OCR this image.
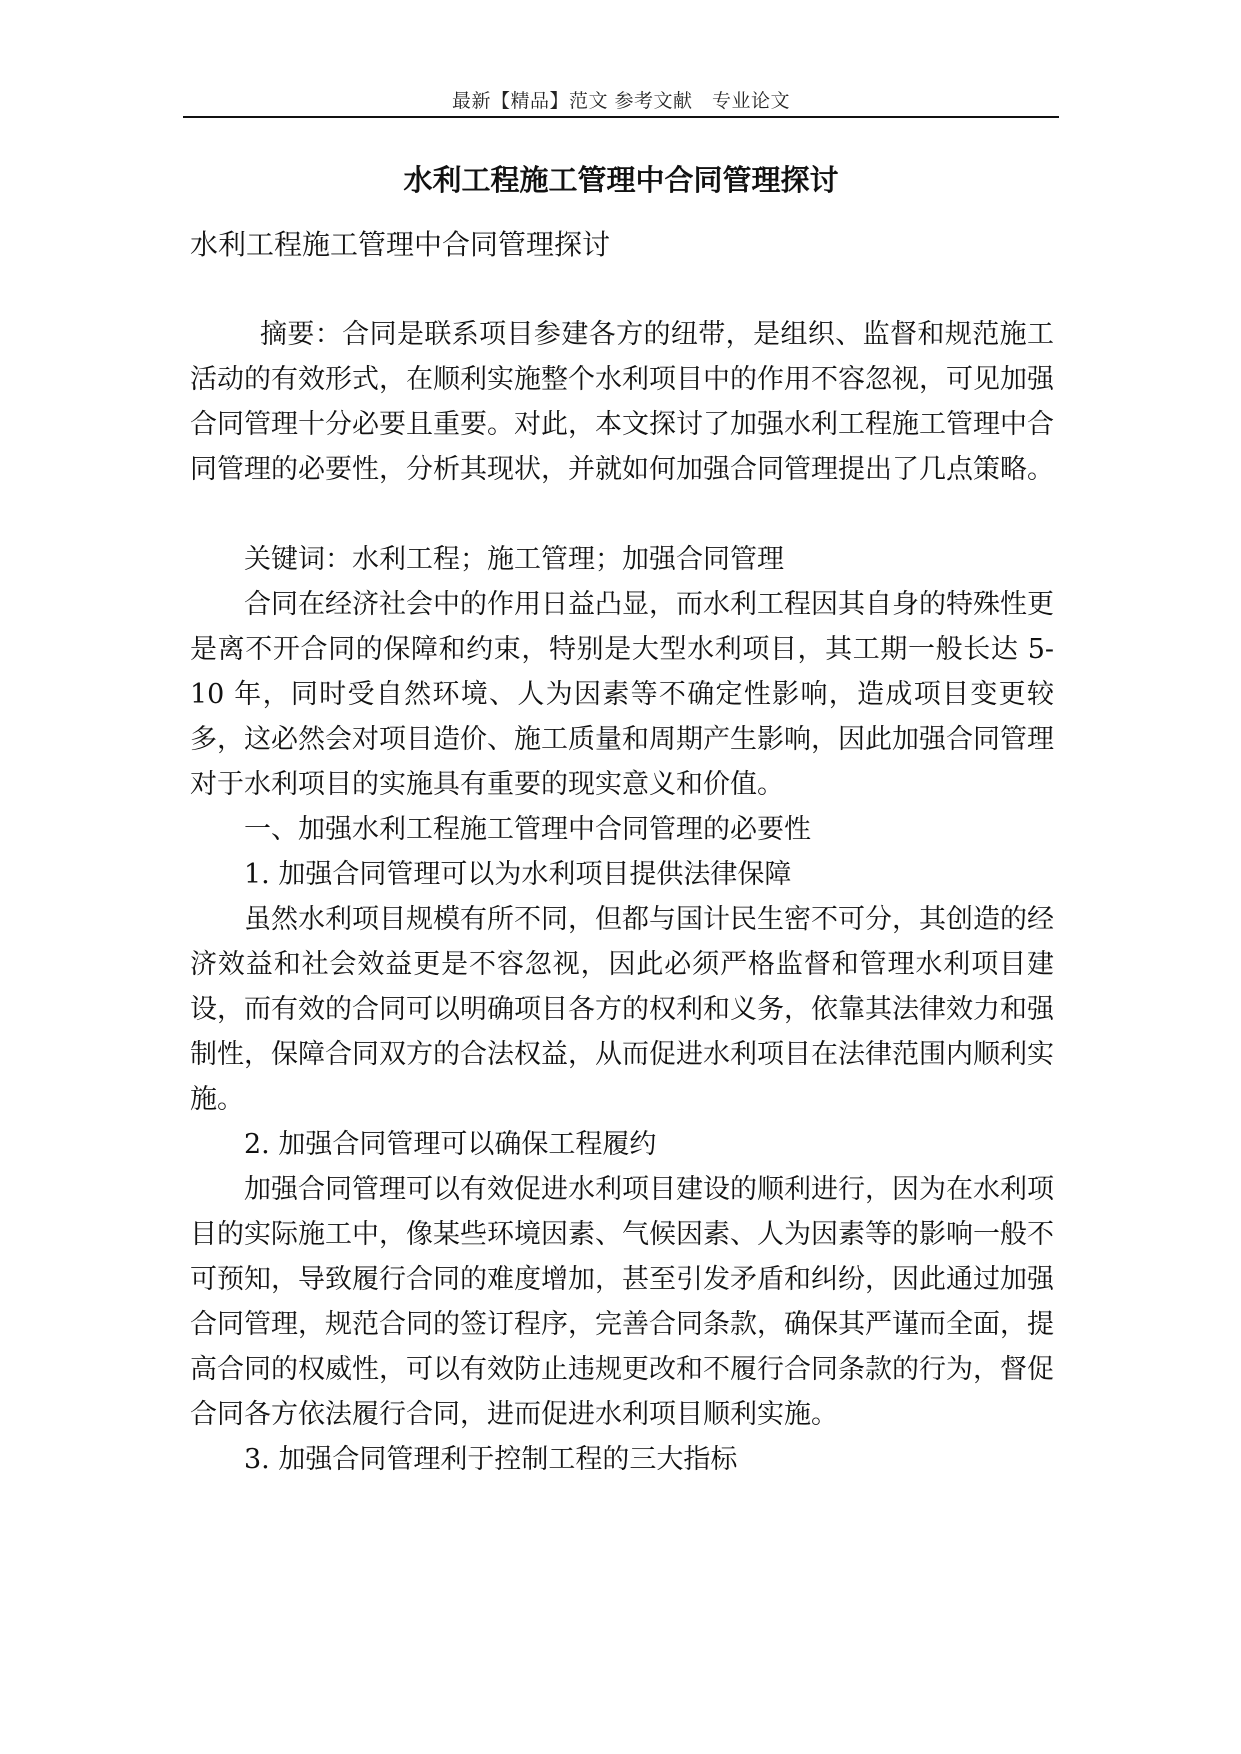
最新【精品】范文 参考文献　专业论文
水利工程施工管理中合同管理探讨

水利工程施工管理中合同管理探讨

摘要：合同是联系项目参建各方的纽带，是组织、监督和规范施工活动的有效形式，在顺利实施整个水利项目中的作用不容忽视，可见加强合同管理十分必要且重要。对此，本文探讨了加强水利工程施工管理中合同管理的必要性，分析其现状，并就如何加强合同管理提出了几点策略。

关键词：水利工程；施工管理；加强合同管理

合同在经济社会中的作用日益凸显，而水利工程因其自身的特殊性更是离不开合同的保障和约束，特别是大型水利项目，其工期一般长达 5-10 年，同时受自然环境、人为因素等不确定性影响，造成项目变更较多，这必然会对项目造价、施工质量和周期产生影响，因此加强合同管理对于水利项目的实施具有重要的现实意义和价值。

一、加强水利工程施工管理中合同管理的必要性

1. 加强合同管理可以为水利项目提供法律保障

虽然水利项目规模有所不同，但都与国计民生密不可分，其创造的经济效益和社会效益更是不容忽视，因此必须严格监督和管理水利项目建设，而有效的合同可以明确项目各方的权利和义务，依靠其法律效力和强制性，保障合同双方的合法权益，从而促进水利项目在法律范围内顺利实施。

2. 加强合同管理可以确保工程履约

加强合同管理可以有效促进水利项目建设的顺利进行，因为在水利项目的实际施工中，像某些环境因素、气候因素、人为因素等的影响一般不可预知，导致履行合同的难度增加，甚至引发矛盾和纠纷，因此通过加强合同管理，规范合同的签订程序，完善合同条款，确保其严谨而全面，提高合同的权威性，可以有效防止违规更改和不履行合同条款的行为，督促合同各方依法履行合同，进而促进水利项目顺利实施。

3. 加强合同管理利于控制工程的三大指标
